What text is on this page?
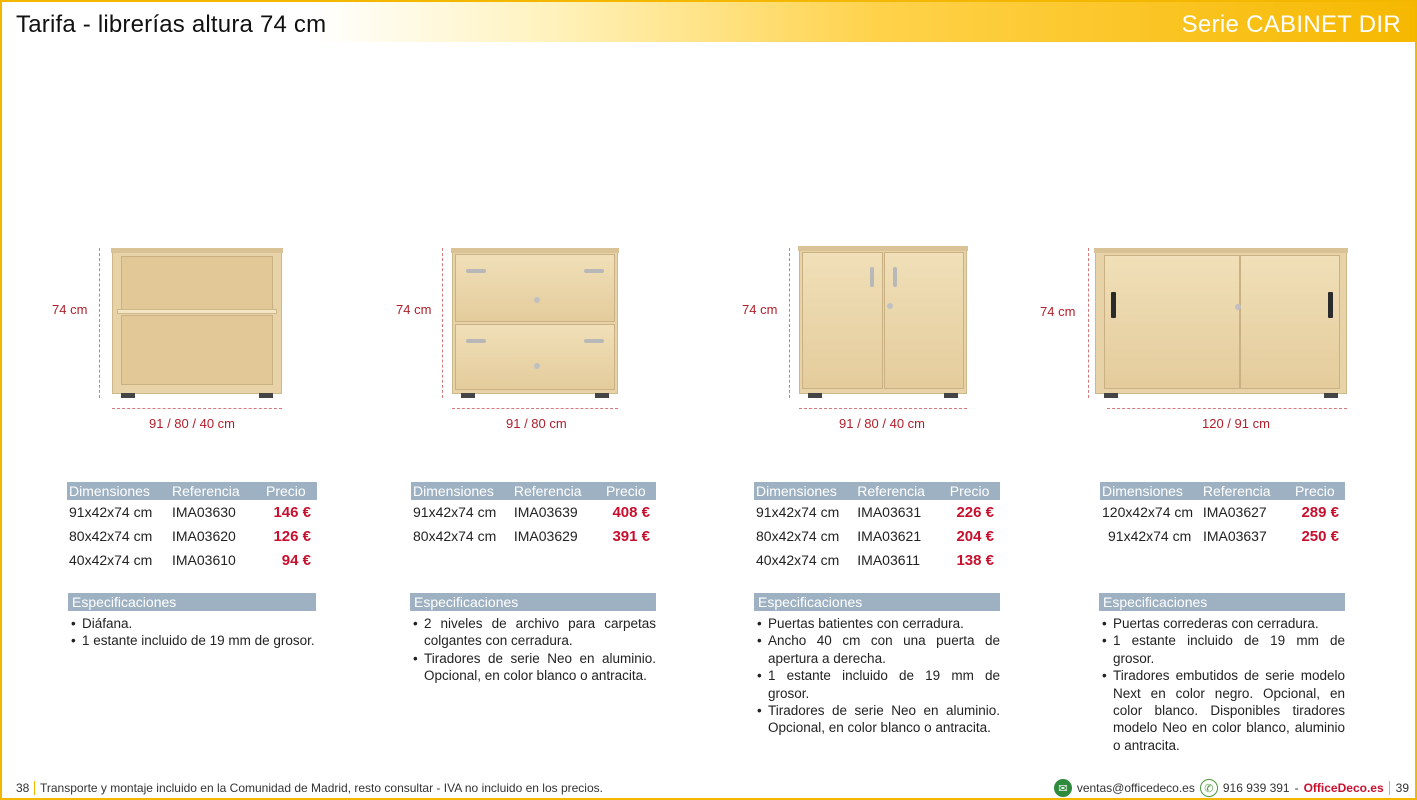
Tarifa - librerías altura 74 cm	Serie CABINET DIR
74 cm
91 / 80 / 40 cm
74 cm
91 / 80 cm
74 cm
91 / 80 / 40 cm
74 cm
120 / 91 cm
Dimensiones	Referencia	Precio
91x42x74 cm	IMA03630	146 €
80x42x74 cm	IMA03620	126 €
40x42x74 cm	IMA03610	94 €
Dimensiones	Referencia	Precio
91x42x74 cm	IMA03639	408 €
80x42x74 cm	IMA03629	391 €
Dimensiones	Referencia	Precio
91x42x74 cm	IMA03631	226 €
80x42x74 cm	IMA03621	204 €
40x42x74 cm	IMA03611	138 €
Dimensiones	Referencia	Precio
120x42x74 cm IMA03627	289 €
91x42x74 cm IMA03637	250 €
Especificaciones
• Diáfana.
• 1 estante incluido de 19 mm de grosor.
Especificaciones
• 2 niveles de archivo para carpetas colgantes con cerradura.
• Tiradores de serie Neo en aluminio. Opcional, en color blanco o antracita.
Especificaciones
• Puertas batientes con cerradura.
• Ancho 40 cm con una puerta de apertura a derecha.
• 1 estante incluido de 19 mm de grosor.
• Tiradores de serie Neo en aluminio. Opcional, en color blanco o antracita.
Especificaciones
• Puertas correderas con cerradura.
• 1 estante incluido de 19 mm de grosor.
• Tiradores embutidos de serie modelo Next en color negro. Opcional, en color blanco. Disponibles tiradores modelo Neo en color blanco, aluminio o antracita.
38 Transporte y montaje incluido en la Comunidad de Madrid, resto consultar - IVA no incluido en los precios.	✉ ventas@officedeco.es ✆ 916 939 391 - OfficeDeco.es	39
